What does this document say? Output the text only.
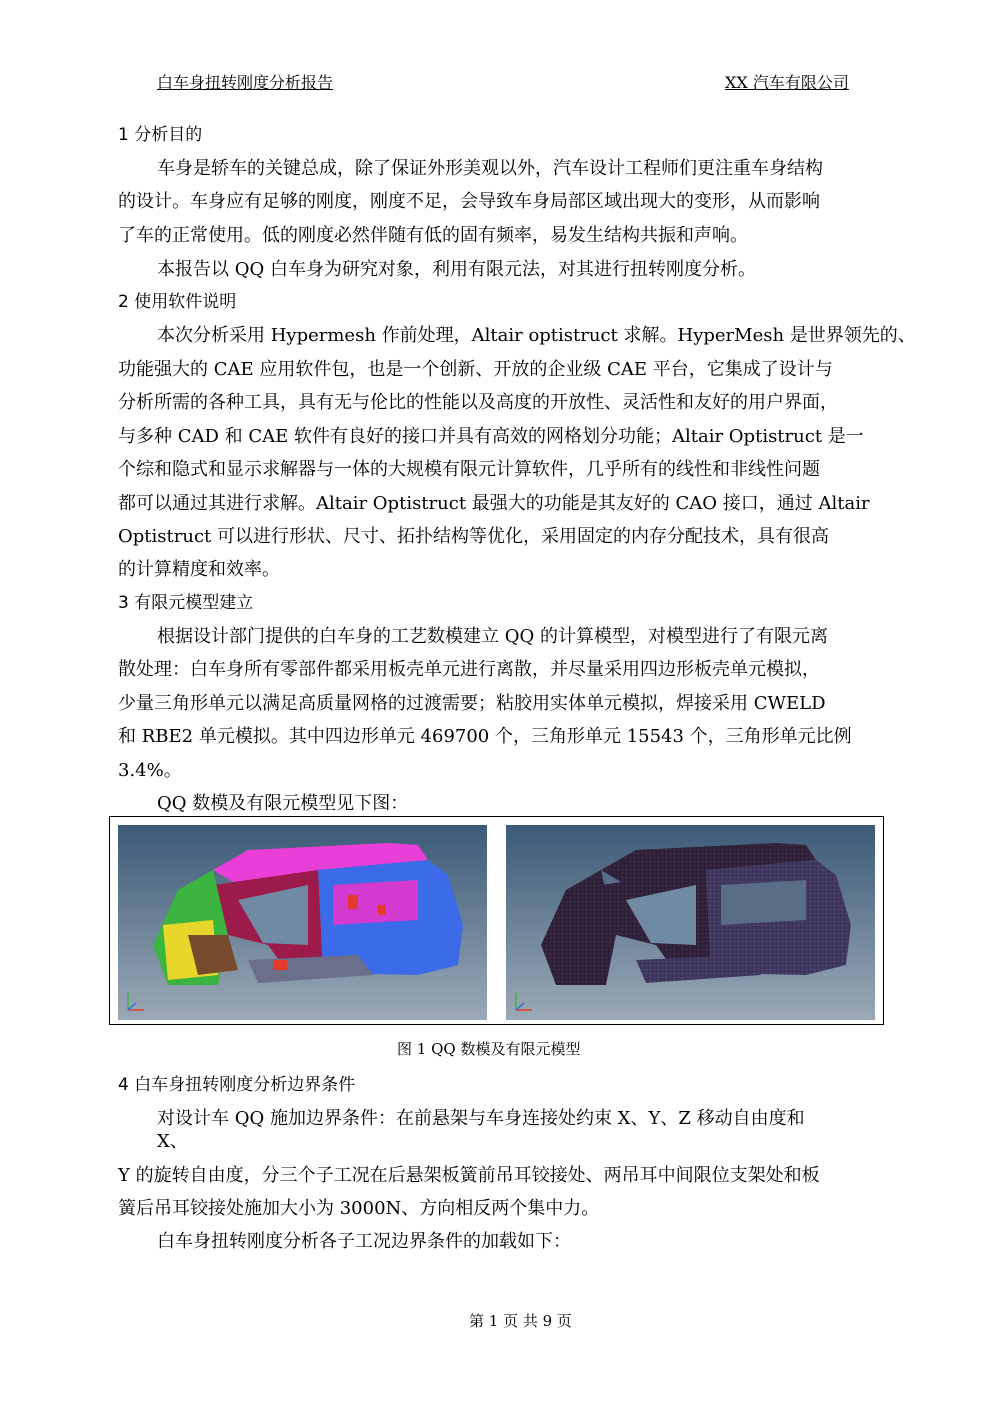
白车身扭转刚度分析报告	XX 汽车有限公司
1 分析目的
车身是轿车的关键总成，除了保证外形美观以外，汽车设计工程师们更注重车身结构
的设计。车身应有足够的刚度，刚度不足，会导致车身局部区域出现大的变形，从而影响
了车的正常使用。低的刚度必然伴随有低的固有频率，易发生结构共振和声响。
本报告以 QQ 白车身为研究对象，利用有限元法，对其进行扭转刚度分析。
2 使用软件说明
本次分析采用 Hypermesh 作前处理，Altair optistruct 求解。HyperMesh 是世界领先的、
功能强大的 CAE 应用软件包，也是一个创新、开放的企业级 CAE 平台，它集成了设计与
分析所需的各种工具，具有无与伦比的性能以及高度的开放性、灵活性和友好的用户界面，
与多种 CAD 和 CAE 软件有良好的接口并具有高效的网格划分功能；Altair Optistruct 是一
个综和隐式和显示求解器与一体的大规模有限元计算软件，几乎所有的线性和非线性问题
都可以通过其进行求解。Altair Optistruct 最强大的功能是其友好的 CAO 接口，通过 Altair
Optistruct 可以进行形状、尺寸、拓扑结构等优化，采用固定的内存分配技术，具有很高
的计算精度和效率。
3 有限元模型建立
根据设计部门提供的白车身的工艺数模建立 QQ 的计算模型，对模型进行了有限元离
散处理：白车身所有零部件都采用板壳单元进行离散，并尽量采用四边形板壳单元模拟，
少量三角形单元以满足高质量网格的过渡需要；粘胶用实体单元模拟，焊接采用 CWELD
和 RBE2 单元模拟。其中四边形单元 469700 个，三角形单元 15543 个，三角形单元比例
3.4%。
QQ 数模及有限元模型见下图：
图 1 QQ 数模及有限元模型
4 白车身扭转刚度分析边界条件
对设计车 QQ 施加边界条件：在前悬架与车身连接处约束 X、Y、Z 移动自由度和
X、
Y 的旋转自由度，分三个子工况在后悬架板簧前吊耳铰接处、两吊耳中间限位支架处和板
簧后吊耳铰接处施加大小为 3000N、方向相反两个集中力。
白车身扭转刚度分析各子工况边界条件的加载如下：
第 1 页 共 9 页
